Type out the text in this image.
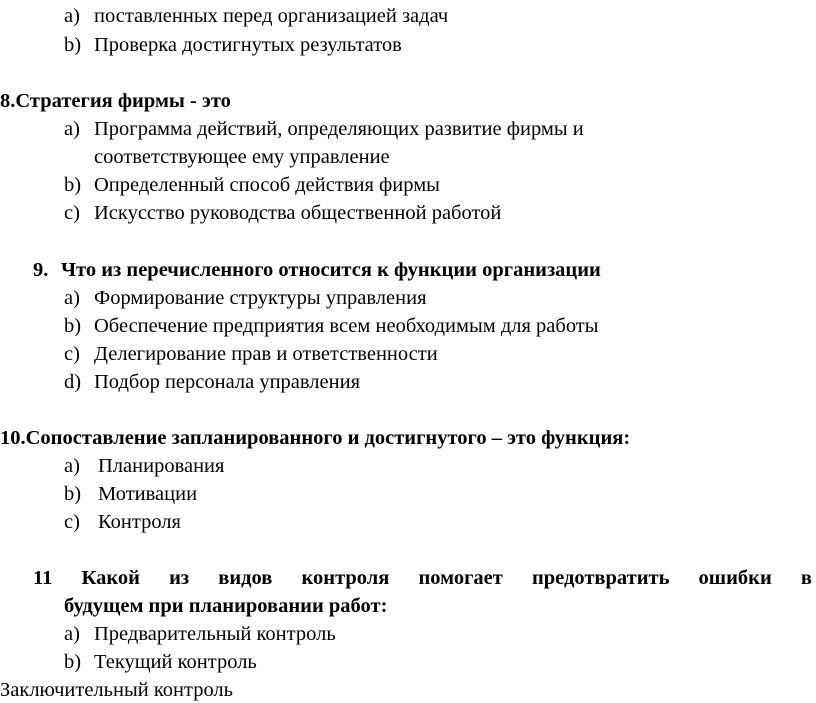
a) поставленных перед организацией задач
b) Проверка достигнутых результатов
8.Стратегия фирмы - это
a) Программа действий, определяющих развитие фирмы и
соответствующее ему управление
b) Определенный способ действия фирмы
c) Искусство руководства общественной работой
9. Что из перечисленного относится к функции организации
a) Формирование структуры управления
b) Обеспечение предприятия всем необходимым для работы
c) Делегирование прав и ответственности
d) Подбор персонала управления
10.Сопоставление запланированного и достигнутого – это функция:
a) Планирования
b) Мотивации
c) Контроля
11 Какой из видов контроля помогает предотвратить ошибки в
будущем при планировании работ:
a) Предварительный контроль
b) Текущий контроль
Заключительный контроль
